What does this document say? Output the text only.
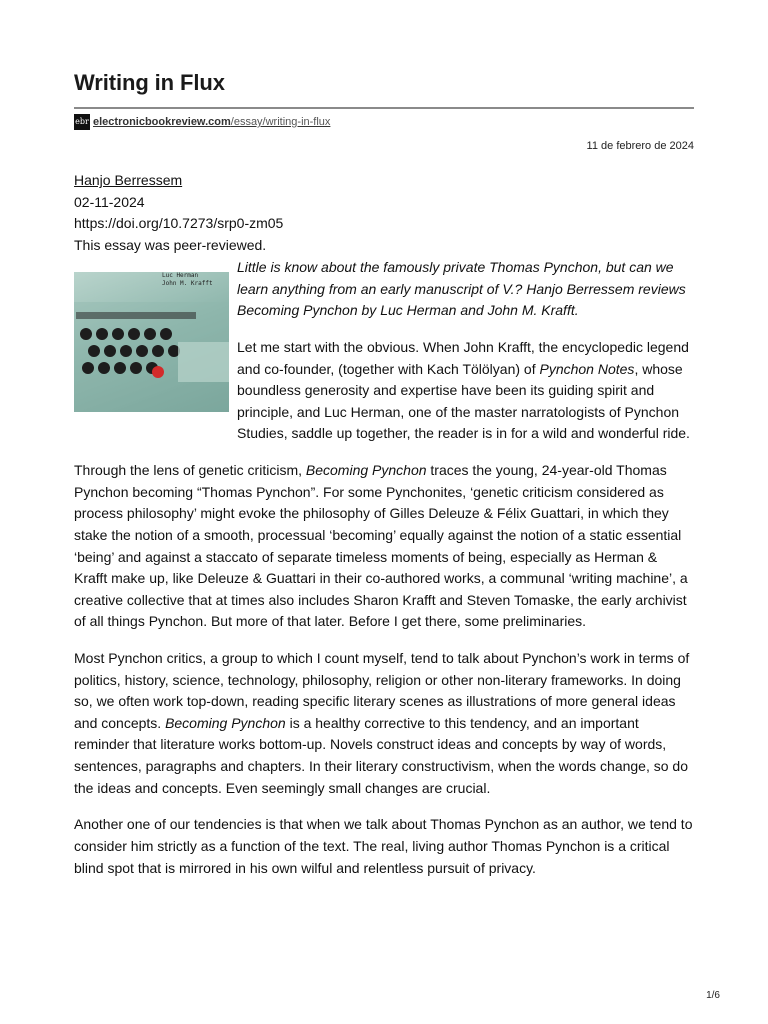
Writing in Flux
ebr electronicbookreview.com/essay/writing-in-flux
11 de febrero de 2024
Hanjo Berressem
02-11-2024
https://doi.org/10.7273/srp0-zm05
This essay was peer-reviewed.
Luc Herman
John M. Krafft

Little is know about the famously private Thomas Pynchon, but can we learn anything from an early manuscript of V.? Hanjo Berressem reviews Becoming Pynchon by Luc Herman and John M. Krafft.

Let me start with the obvious. When John Krafft, the encyclopedic legend and co-founder, (together with Kach Tölölyan) of Pynchon Notes, whose boundless generosity and expertise have been its guiding spirit and principle, and Luc Herman, one of the master narratologists of Pynchon Studies, saddle up together, the reader is in for a wild and wonderful ride.

Through the lens of genetic criticism, Becoming Pynchon traces the young, 24-year-old Thomas Pynchon becoming “Thomas Pynchon”. For some Pynchonites, ‘genetic criticism considered as process philosophy’ might evoke the philosophy of Gilles Deleuze & Félix Guattari, in which they stake the notion of a smooth, processual ‘becoming’ equally against the notion of a static essential ‘being’ and against a staccato of separate timeless moments of being, especially as Herman & Krafft make up, like Deleuze & Guattari in their co-authored works, a communal ‘writing machine’, a creative collective that at times also includes Sharon Krafft and Steven Tomaske, the early archivist of all things Pynchon. But more of that later. Before I get there, some preliminaries.

Most Pynchon critics, a group to which I count myself, tend to talk about Pynchon’s work in terms of politics, history, science, technology, philosophy, religion or other non-literary frameworks. In doing so, we often work top-down, reading specific literary scenes as illustrations of more general ideas and concepts. Becoming Pynchon is a healthy corrective to this tendency, and an important reminder that literature works bottom-up. Novels construct ideas and concepts by way of words, sentences, paragraphs and chapters. In their literary constructivism, when the words change, so do the ideas and concepts. Even seemingly small changes are crucial.

Another one of our tendencies is that when we talk about Thomas Pynchon as an author, we tend to consider him strictly as a function of the text. The real, living author Thomas Pynchon is a critical blind spot that is mirrored in his own wilful and relentless pursuit of privacy.

1/6
